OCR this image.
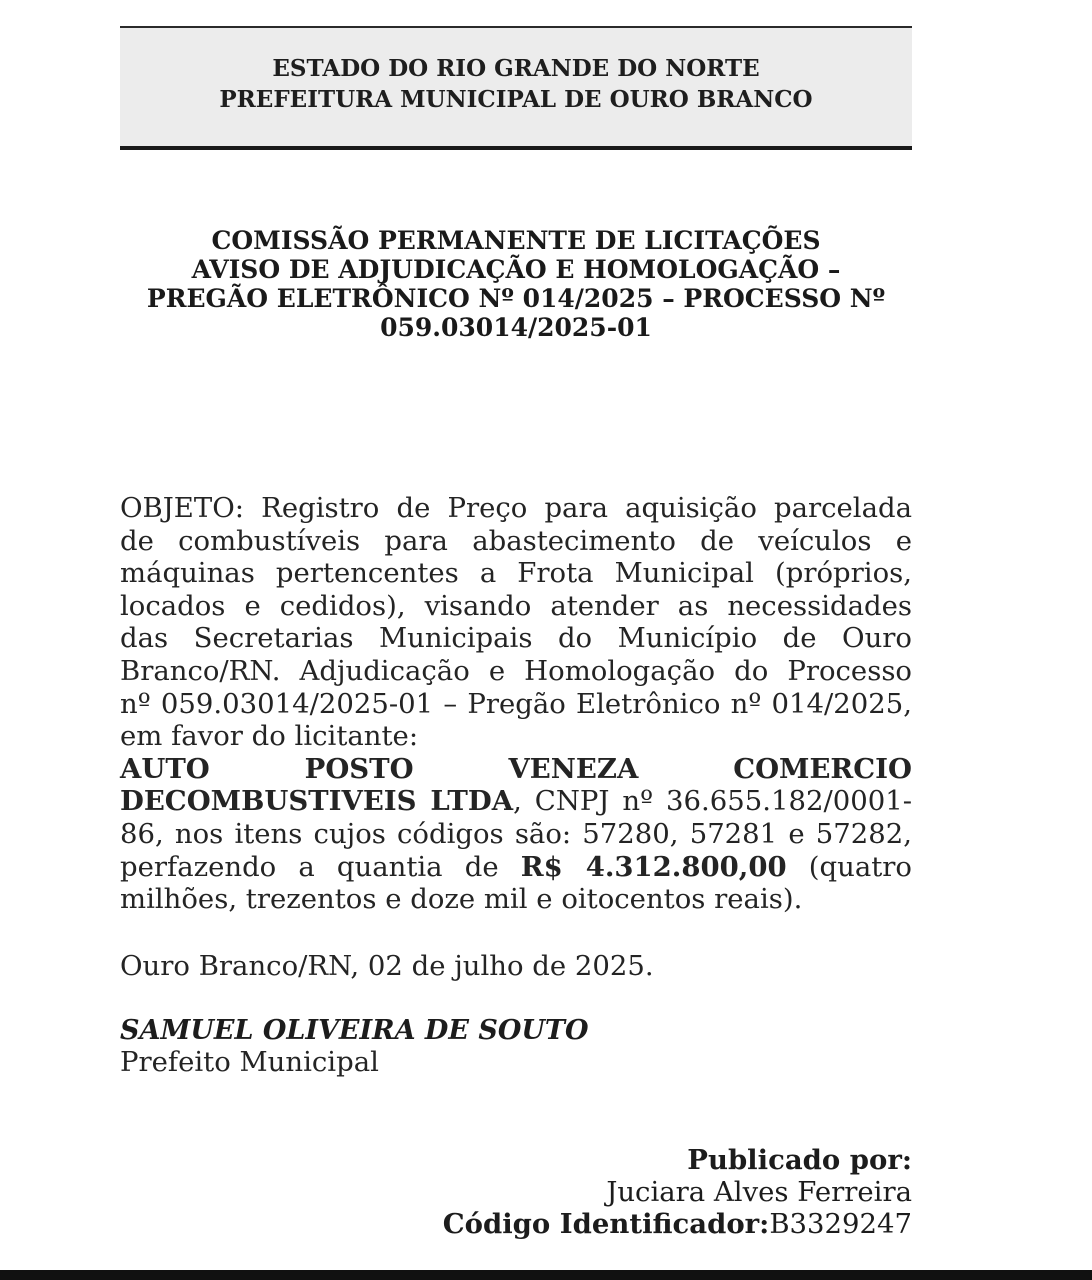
ESTADO DO RIO GRANDE DO NORTE
PREFEITURA MUNICIPAL DE OURO BRANCO
COMISSÃO PERMANENTE DE LICITAÇÕES
AVISO DE ADJUDICAÇÃO E HOMOLOGAÇÃO –
PREGÃO ELETRÔNICO Nº 014/2025 – PROCESSO Nº
059.03014/2025-01
OBJETO: Registro de Preço para aquisição parcelada
de combustíveis para abastecimento de veículos e
máquinas pertencentes a Frota Municipal (próprios,
locados e cedidos), visando atender as necessidades
das Secretarias Municipais do Município de Ouro
Branco/RN. Adjudicação e Homologação do Processo
nº 059.03014/2025-01 – Pregão Eletrônico nº 014/2025,
em favor do licitante:
AUTO POSTO VENEZA COMERCIO
DECOMBUSTIVEIS LTDA, CNPJ nº 36.655.182/0001-
86, nos itens cujos códigos são: 57280, 57281 e 57282,
perfazendo a quantia de R$ 4.312.800,00 (quatro
milhões, trezentos e doze mil e oitocentos reais).
Ouro Branco/RN, 02 de julho de 2025.
SAMUEL OLIVEIRA DE SOUTO
Prefeito Municipal
Publicado por:
Juciara Alves Ferreira
Código Identificador:B3329247
